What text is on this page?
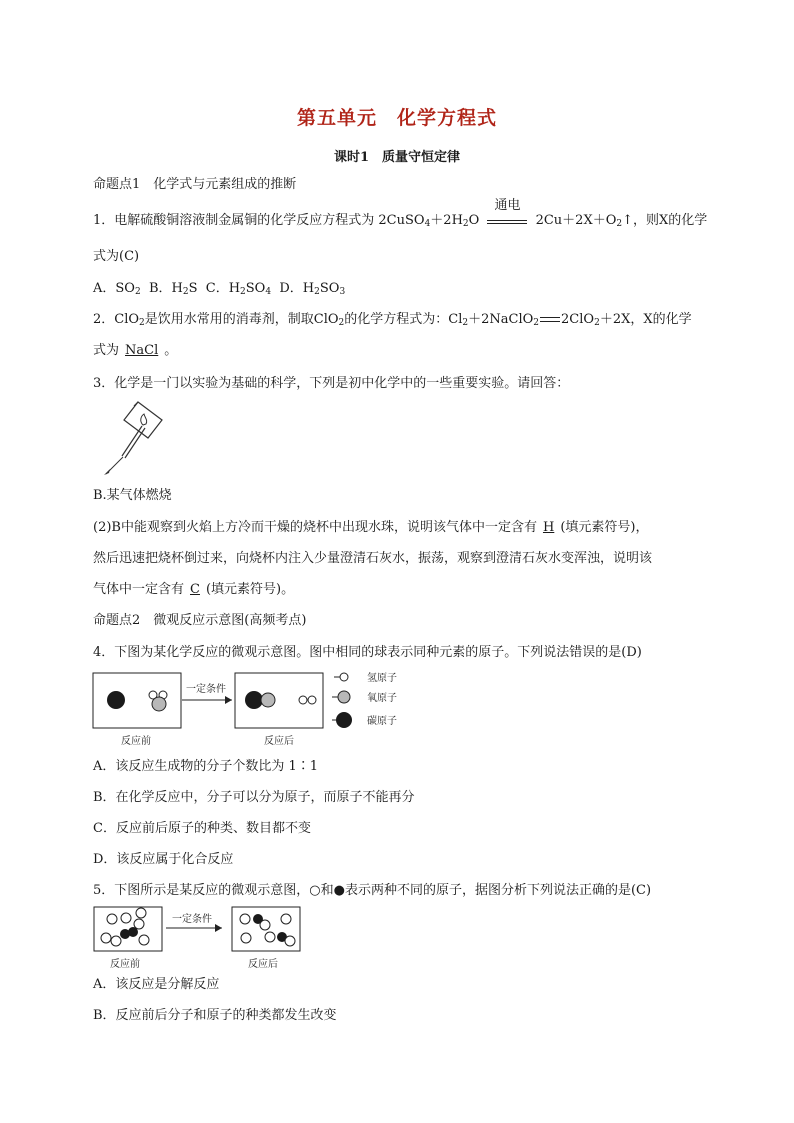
第五单元　化学方程式
课时1　质量守恒定律
命题点1　化学式与元素组成的推断
1．电解硫酸铜溶液制金属铜的化学反应方程式为 $2CuSO_4+2H_2O$
通电
$2Cu+2X+O_2↑$，则X的化学
式为(C)
A．$SO_2$ B．$H_2S$ C．$H_2SO_4$ D．$H_2SO_3$
2．ClO$_2$是饮用水常用的消毒剂，制取ClO$_2$的化学方程式为：$Cl_2+2NaClO_2$ 2ClO$_2$＋2X，X的化学
式为 NaCl 。
3．化学是一门以实验为基础的科学，下列是初中化学中的一些重要实验。请回答：
B.某气体燃烧
(2)B中能观察到火焰上方冷而干燥的烧杯中出现水珠，说明该气体中一定含有 H (填元素符号)，
然后迅速把烧杯倒过来，向烧杯内注入少量澄清石灰水，振荡，观察到澄清石灰水变浑浊，说明该
气体中一定含有 C (填元素符号)。
命题点2　微观反应示意图(高频考点)
4．下图为某化学反应的微观示意图。图中相同的球表示同种元素的原子。下列说法错误的是(D)
一定条件
反应前	反应后
氢原子
氧原子
碳原子
A．该反应生成物的分子个数比为 1∶1
B．在化学反应中，分子可以分为原子，而原子不能再分
C．反应前后原子的种类、数目都不变
D．该反应属于化合反应
5．下图所示是某反应的微观示意图，○和●表示两种不同的原子，据图分析下列说法正确的是(C)
一定条件
反应前	反应后
A．该反应是分解反应
B．反应前后分子和原子的种类都发生改变
